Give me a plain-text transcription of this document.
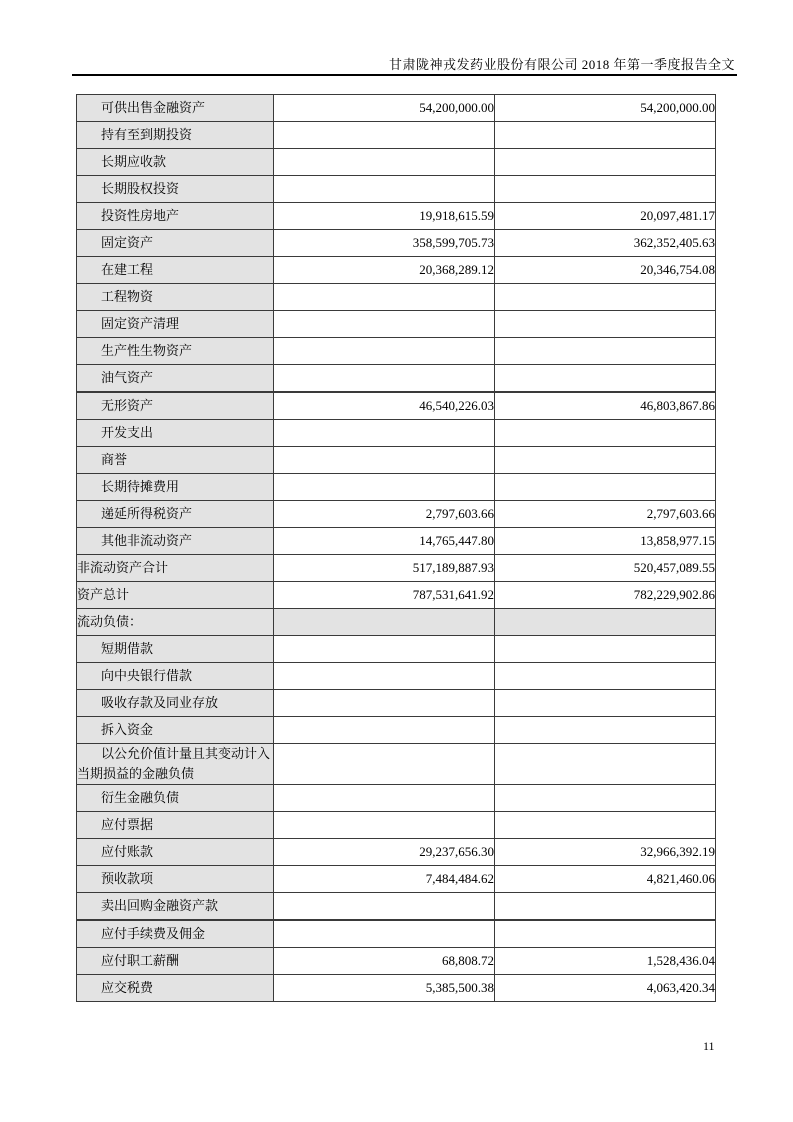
甘肃陇神戎发药业股份有限公司 2018 年第一季度报告全文
可供出售金融资产	54,200,000.00	54,200,000.00
持有至到期投资		
长期应收款		
长期股权投资		
投资性房地产	19,918,615.59	20,097,481.17
固定资产	358,599,705.73	362,352,405.63
在建工程	20,368,289.12	20,346,754.08
工程物资		
固定资产清理		
生产性生物资产		
油气资产		
无形资产	46,540,226.03	46,803,867.86
开发支出		
商誉		
长期待摊费用		
递延所得税资产	2,797,603.66	2,797,603.66
其他非流动资产	14,765,447.80	13,858,977.15
非流动资产合计	517,189,887.93	520,457,089.55
资产总计	787,531,641.92	782,229,902.86
流动负债：		
短期借款		
向中央银行借款		
吸收存款及同业存放		
拆入资金		
以公允价值计量且其变动计入当期损益的金融负债		
衍生金融负债		
应付票据		
应付账款	29,237,656.30	32,966,392.19
预收款项	7,484,484.62	4,821,460.06
卖出回购金融资产款		
应付手续费及佣金		
应付职工薪酬	68,808.72	1,528,436.04
应交税费	5,385,500.38	4,063,420.34
11
